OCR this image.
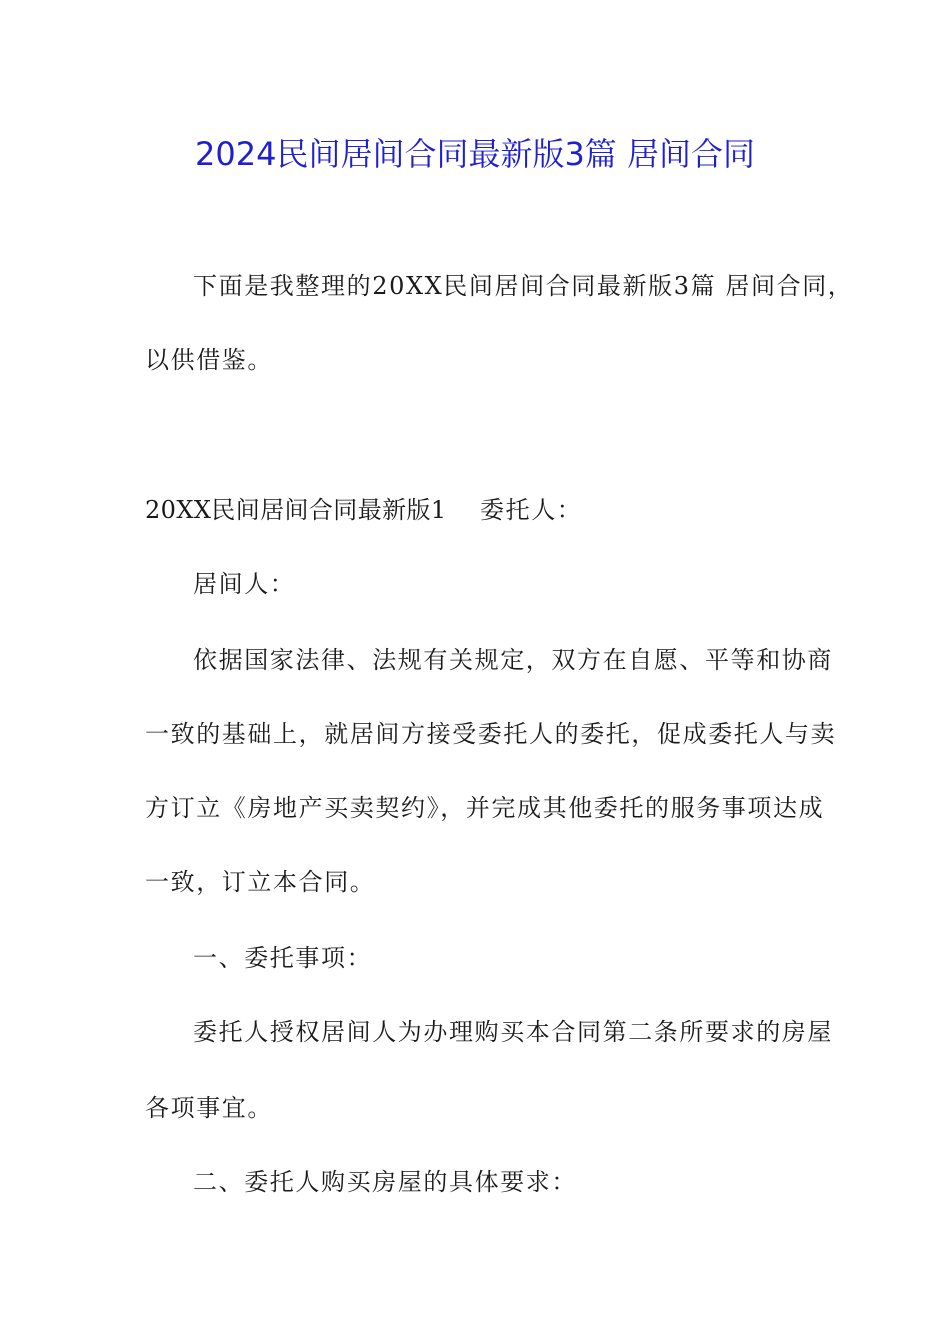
2024民间居间合同最新版3篇 居间合同
下面是我整理的20XX民间居间合同最新版3篇 居间合同，
以供借鉴。
20XX民间居间合同最新版1 委托人：
居间人：
依据国家法律、法规有关规定，双方在自愿、平等和协商
一致的基础上，就居间方接受委托人的委托，促成委托人与卖
方订立《房地产买卖契约》，并完成其他委托的服务事项达成
一致，订立本合同。
一、委托事项：
委托人授权居间人为办理购买本合同第二条所要求的房屋
各项事宜。
二、委托人购买房屋的具体要求：
